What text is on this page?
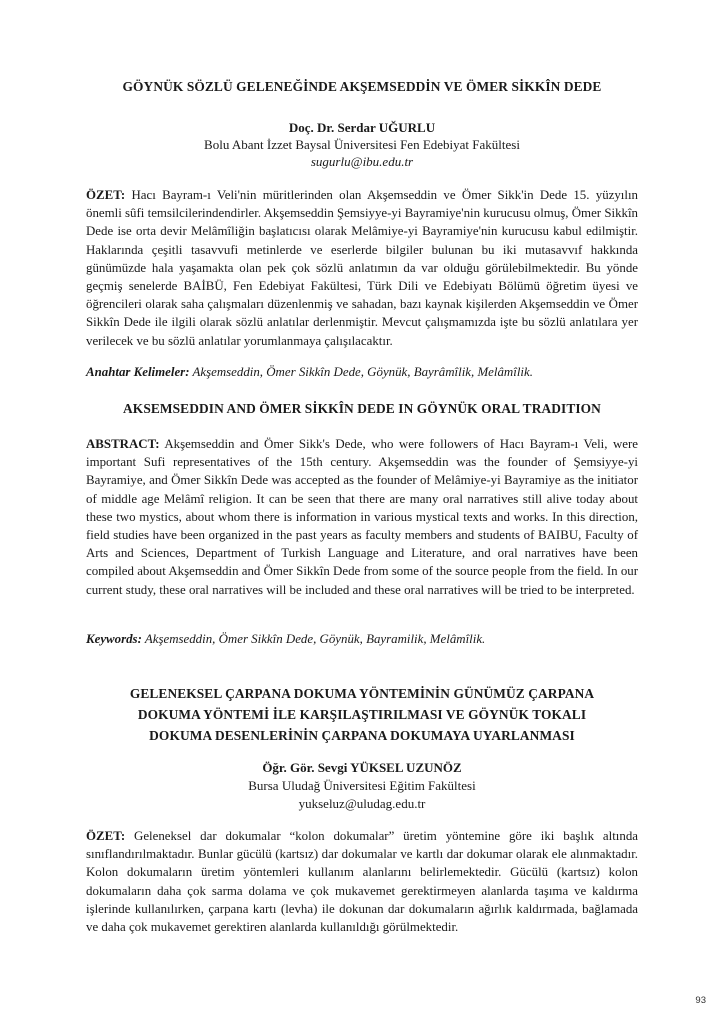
GÖYNÜK SÖZLÜ GELENEĞİNDE AKŞEMSEDDİN VE ÖMER SİKKÎN DEDE
Doç. Dr. Serdar UĞURLU
Bolu Abant İzzet Baysal Üniversitesi Fen Edebiyat Fakültesi
sugurlu@ibu.edu.tr

ÖZET: Hacı Bayram-ı Veli'nin müritlerinden olan Akşemseddin ve Ömer Sikk'in Dede 15. yüzyılın önemli sûfi temsilcilerindendirler. Akşemseddin Şemsiyye-yi Bayramiye'nin kurucusu olmuş, Ömer Sikkîn Dede ise orta devir Melâmîliğin başlatıcısı olarak Melâmiye-yi Bayramiye'nin kurucusu kabul edilmiştir. Haklarında çeşitli tasavvufi metinlerde ve eserlerde bilgiler bulunan bu iki mutasavvıf hakkında günümüzde hala yaşamakta olan pek çok sözlü anlatımın da var olduğu görülebilmektedir. Bu yönde geçmiş senelerde BAİBÜ, Fen Edebiyat Fakültesi, Türk Dili ve Edebiyatı Bölümü öğretim üyesi ve öğrencileri olarak saha çalışmaları düzenlenmiş ve sahadan, bazı kaynak kişilerden Akşemseddin ve Ömer Sikkîn Dede ile ilgili olarak sözlü anlatılar derlenmiştir. Mevcut çalışmamızda işte bu sözlü anlatılara yer verilecek ve bu sözlü anlatılar yorumlanmaya çalışılacaktır.

Anahtar Kelimeler: Akşemseddin, Ömer Sikkîn Dede, Göynük, Bayrâmîlik, Melâmîlik.
AKSEMSEDDIN AND ÖMER SİKKÎN DEDE IN GÖYNÜK ORAL TRADITION

ABSTRACT: Akşemseddin and Ömer Sikk's Dede, who were followers of Hacı Bayram-ı Veli, were important Sufi representatives of the 15th century. Akşemseddin was the founder of Şemsiyye-yi Bayramiye, and Ömer Sikkîn Dede was accepted as the founder of Melâmiye-yi Bayramiye as the initiator of middle age Melâmî religion. It can be seen that there are many oral narratives still alive today about these two mystics, about whom there is information in various mystical texts and works. In this direction, field studies have been organized in the past years as faculty members and students of BAIBU, Faculty of Arts and Sciences, Department of Turkish Language and Literature, and oral narratives have been compiled about Akşemseddin and Ömer Sikkîn Dede from some of the source people from the field. In our current study, these oral narratives will be included and these oral narratives will be tried to be interpreted.

Keywords: Akşemseddin, Ömer Sikkîn Dede, Göynük, Bayramilik, Melâmîlik.
GELENEKSEL ÇARPANA DOKUMA YÖNTEMİNİN GÜNÜMÜZ ÇARPANA
DOKUMA YÖNTEMİ İLE KARŞILAŞTIRILMASI VE GÖYNÜK TOKALI
DOKUMA DESENLERİNİN ÇARPANA DOKUMAYA UYARLANMASI
Öğr. Gör. Sevgi YÜKSEL UZUNÖZ
Bursa Uludağ Üniversitesi Eğitim Fakültesi
yukseluz@uludag.edu.tr

ÖZET: Geleneksel dar dokumalar “kolon dokumalar” üretim yöntemine göre iki başlık altında sınıflandırılmaktadır. Bunlar gücülü (kartsız) dar dokumalar ve kartlı dar dokumar olarak ele alınmaktadır. Kolon dokumaların üretim yöntemleri kullanım alanlarını belirlemektedir. Gücülü (kartsız) kolon dokumaların daha çok sarma dolama ve çok mukavemet gerektirmeyen alanlarda taşıma ve kaldırma işlerinde kullanılırken, çarpana kartı (levha) ile dokunan dar dokumaların ağırlık kaldırmada, bağlamada ve daha çok mukavemet gerektiren alanlarda kullanıldığı görülmektedir.

93
